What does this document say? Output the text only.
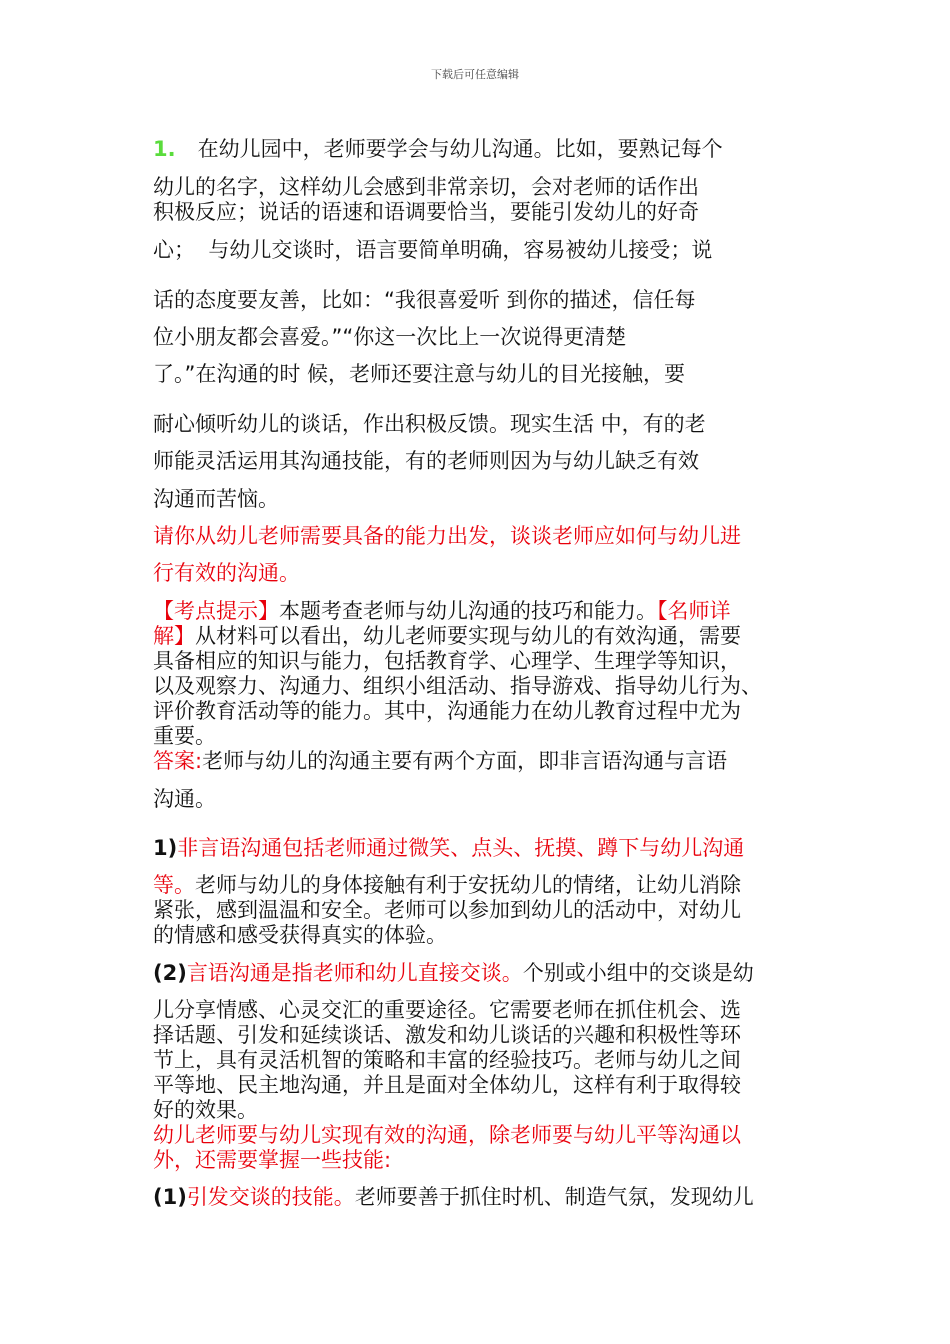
下载后可任意编辑
1. 在幼儿园中，老师要学会与幼儿沟通。比如，要熟记每个
幼儿的名字，这样幼儿会感到非常亲切，会对老师的话作出
积极反应；说话的语速和语调要恰当，要能引发幼儿的好奇
心；  与幼儿交谈时，语言要简单明确，容易被幼儿接受；说
话的态度要友善，比如：“我很喜爱听 到你的描述，信任每
位小朋友都会喜爱。”“你这一次比上一次说得更清楚
了。”在沟通的时 候，老师还要注意与幼儿的目光接触，要
耐心倾听幼儿的谈话，作出积极反馈。现实生活 中，有的老
师能灵活运用其沟通技能，有的老师则因为与幼儿缺乏有效
沟通而苦恼。
请你从幼儿老师需要具备的能力出发，谈谈老师应如何与幼儿进
行有效的沟通。
【考点提示】本题考查老师与幼儿沟通的技巧和能力。【名师详
解】从材料可以看出，幼儿老师要实现与幼儿的有效沟通，需要
具备相应的知识与能力，包括教育学、心理学、生理学等知识，
以及观察力、沟通力、组织小组活动、指导游戏、指导幼儿行为、
评价教育活动等的能力。其中，沟通能力在幼儿教育过程中尤为
重要。
答案:老师与幼儿的沟通主要有两个方面，即非言语沟通与言语
沟通。
1)非言语沟通包括老师通过微笑、点头、抚摸、蹲下与幼儿沟通
等。老师与幼儿的身体接触有利于安抚幼儿的情绪，让幼儿消除
紧张，感到温温和安全。老师可以参加到幼儿的活动中，对幼儿
的情感和感受获得真实的体验。
(2)言语沟通是指老师和幼儿直接交谈。个别或小组中的交谈是幼
儿分享情感、心灵交汇的重要途径。它需要老师在抓住机会、选
择话题、引发和延续谈话、激发和幼儿谈话的兴趣和积极性等环
节上，具有灵活机智的策略和丰富的经验技巧。老师与幼儿之间
平等地、民主地沟通，并且是面对全体幼儿，这样有利于取得较
好的效果。
幼儿老师要与幼儿实现有效的沟通，除老师要与幼儿平等沟通以
外，还需要掌握一些技能:
(1)引发交谈的技能。老师要善于抓住时机、制造气氛，发现幼儿
